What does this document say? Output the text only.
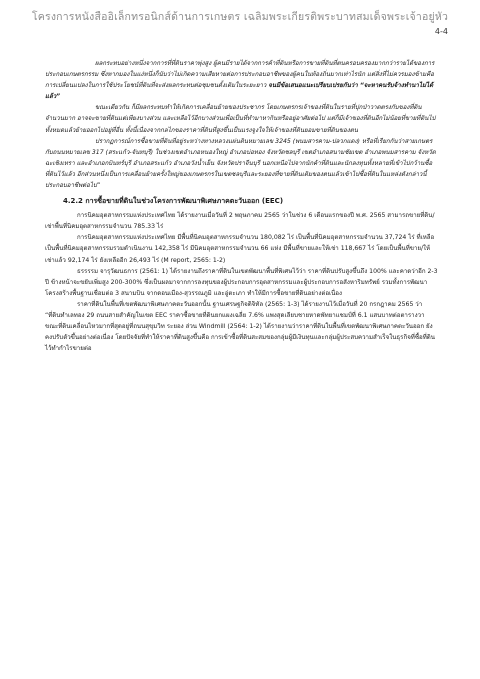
โครงการหนังสืออิเล็กทรอนิกส์ด้านการเกษตร เฉลิมพระเกียรติพระบาทสมเด็จพระเจ้าอยู่หัว
4-4

ผลกระทบอย่างหนึ่งจากการที่ที่ดินราคาพุ่งสูง ผู้คนมีรายได้จากการค้าที่ดินหรือการขายที่ดินที่ตนครอบครองมากกว่ารายได้ของการประกอบเกษตรกรรม ซึ่งหากมองในแง่หนึ่งก็นับว่าไม่เกิดความเสียหายต่อการประกอบอาชีพของผู้คนในท้องถิ่นมากเท่าไรนัก แต่สิ่งที่ไม่ควรมองข้ามคือการเปลี่ยนแปลงในการใช้ประโยชน์ที่ดินที่จะส่งผลกระทบต่อชุมชนดั้งเดิมในระยะยาว จนมีข้อเสนอแนะเปรียบเปรยกันว่า “จะหาคนรับจ้างทำนาไม่ได้แล้ว”

ขณะเดียวกัน ก็มีผลกระทบทำให้เกิดการเคลื่อนย้ายของประชากร โดยเกษตรกรเจ้าของที่ดินในรายที่ปุกป่าวาดตรงกับของที่ดินจำนวนมาก อาจจะขายที่ดินแต่เพียงบางส่วน และเหลือไว้อีกบางส่วนเพื่อเป็นที่ทำมาหากินหรืออยู่อาศัยต่อไป แต่ก็มีเจ้าของที่ดินอีกไม่น้อยที่ขายที่ดินไปทั้งหมดแล้วย้ายออกไปอยู่ที่อื่น ทั้งนี้เนื่องจากกลไกของราคาที่ดินที่สูงขึ้นเป็นแรงจูงใจให้เจ้าของที่ดินยอมขายที่ดินของตน

ปรากฏการณ์การซื้อขายที่ดินที่อยู่ระหว่างทางหลวงแผ่นดินหมายเลข 3245 (พนมสารคาม-ปลวกแดง) หรือที่เรียกกันว่าสายเกษตรกับถนนหมายเลข 317 (สระแก้ว-จันทบุรี) ในช่วงเขตอำเภอหนองใหญ่ อำเภอบ่อทอง จังหวัดชลบุรี เขตอำเภอสนามชัยเขต อำเภอพนมสารคาม จังหวัดฉะเชิงเทรา และอำเภอกบินทร์บุรี อำเภอสระแก้ว อำเภอวังน้ำเย็น จังหวัดปราจีนบุรี นอกเหนือไปจากนักค้าที่ดินและนักลงทุนทั้งหลายที่เข้าไปกว้านซื้อที่ดินไว้แล้ว อีกส่วนหนึ่งเป็นการเคลื่อนย้ายครั้งใหญ่ของเกษตรกรในเขตชลบุรีและระยองที่ขายที่ดินเดิมของตนแล้วเข้าไปซื้อที่ดินในแหล่งดังกล่าวนี้ประกอบอาชีพต่อไป”

4.2.2 การซื้อขายที่ดินในช่วงโครงการพัฒนาพิเศษภาคตะวันออก (EEC)

การนิคมอุตสาหกรรมแห่งประเทศไทย ได้รายงานเมื่อวันที่ 2 พฤษภาคม 2565 ว่าในช่วง 6 เดือนแรกของปี พ.ศ. 2565 สามารถขายที่ดิน/เช่าพื้นที่นิคมอุตสาหกรรมจำนวน 785.33 ไร่

การนิคมอุตสาหกรรมแห่งประเทศไทย มีพื้นที่นิคมอุตสาหกรรมจำนวน 180,082 ไร่ เป็นพื้นที่นิคมอุตสาหกรรมจำนวน 37,724 ไร่ ที่เหลือเป็นพื้นที่นิคมอุตสาหกรรมรวมดำเนินงาน 142,358 ไร่ มีนิคมอุตสาหกรรมจำนวน 66 แห่ง มีพื้นที่ขายและให้เช่า 118,667 ไร่ โดยเป็นพื้นที่ขาย/ให้เช่าแล้ว 92,174 ไร่ ยังเหลืออีก 26,493 ไร่ (M report, 2565: 1-2)

ธรรรรม จารุวัฒนธการ (2561: 1) ได้รายงานถึงราคาที่ดินในเขตพัฒนาพื้นที่พิเศษไว้ว่า ราคาที่ดินปรับสูงขึ้นถึง 100% และคาดว่าอีก 2-3 ปี ข้างหน้าจะขยับเพิ่มสูง 200-300% ซึ่งเป็นผลมาจากการลงทุนของผู้ประกอบการอุตสาหกรรมและผู้ประกอบการอสังหาริมทรัพย์ รวมทั้งการพัฒนาโครงสร้างพื้นฐานเชื่อมต่อ 3 สนามบิน จากดอนเมือง-สุวรรณภูมิ และอู่ตะเภา ทำให้มีการซื้อขายที่ดินอย่างต่อเนื่อง

ราคาที่ดินในพื้นที่เขตพัฒนาพิเศษภาคตะวันออกนั้น ฐานเศรษฐกิจดิจิทัล (2565: 1-3) ได้รายงานไว้เมื่อวันที่ 20 กรกฎาคม 2565 ว่า “ที่ดินทำเลทอง 29 ถนนสายสำคัญในเขต EEC ราคาซื้อขายที่ดินยกแผงเฉลี่ย 7.6% แพงสุดเลียบชายหาดพัทยาแชมป์ที่ 6.1 แสนบาทต่อตารางวา ขณะที่ดินเคลื่อนไหวมากที่สุดอยู่ที่ถนนสุขุมวิท ระยอง ส่วน Windmill (2564: 1-2) ได้รายงานว่าราคาที่ดินในพื้นที่เขตพัฒนาพิเศษภาคตะวันออก ยังคงปรับตัวขึ้นอย่างต่อเนื่อง โดยปัจจัยที่ทำให้ราคาที่ดินสูงขึ้นคือ การเข้าซื้อที่ดินสะสมของกลุ่มผู้มีเงินทุนและกลุ่มผู้ประสบความสำเร็จในธุรกิจที่ซื้อที่ดินไว้ทำกำไรขายต่อ
